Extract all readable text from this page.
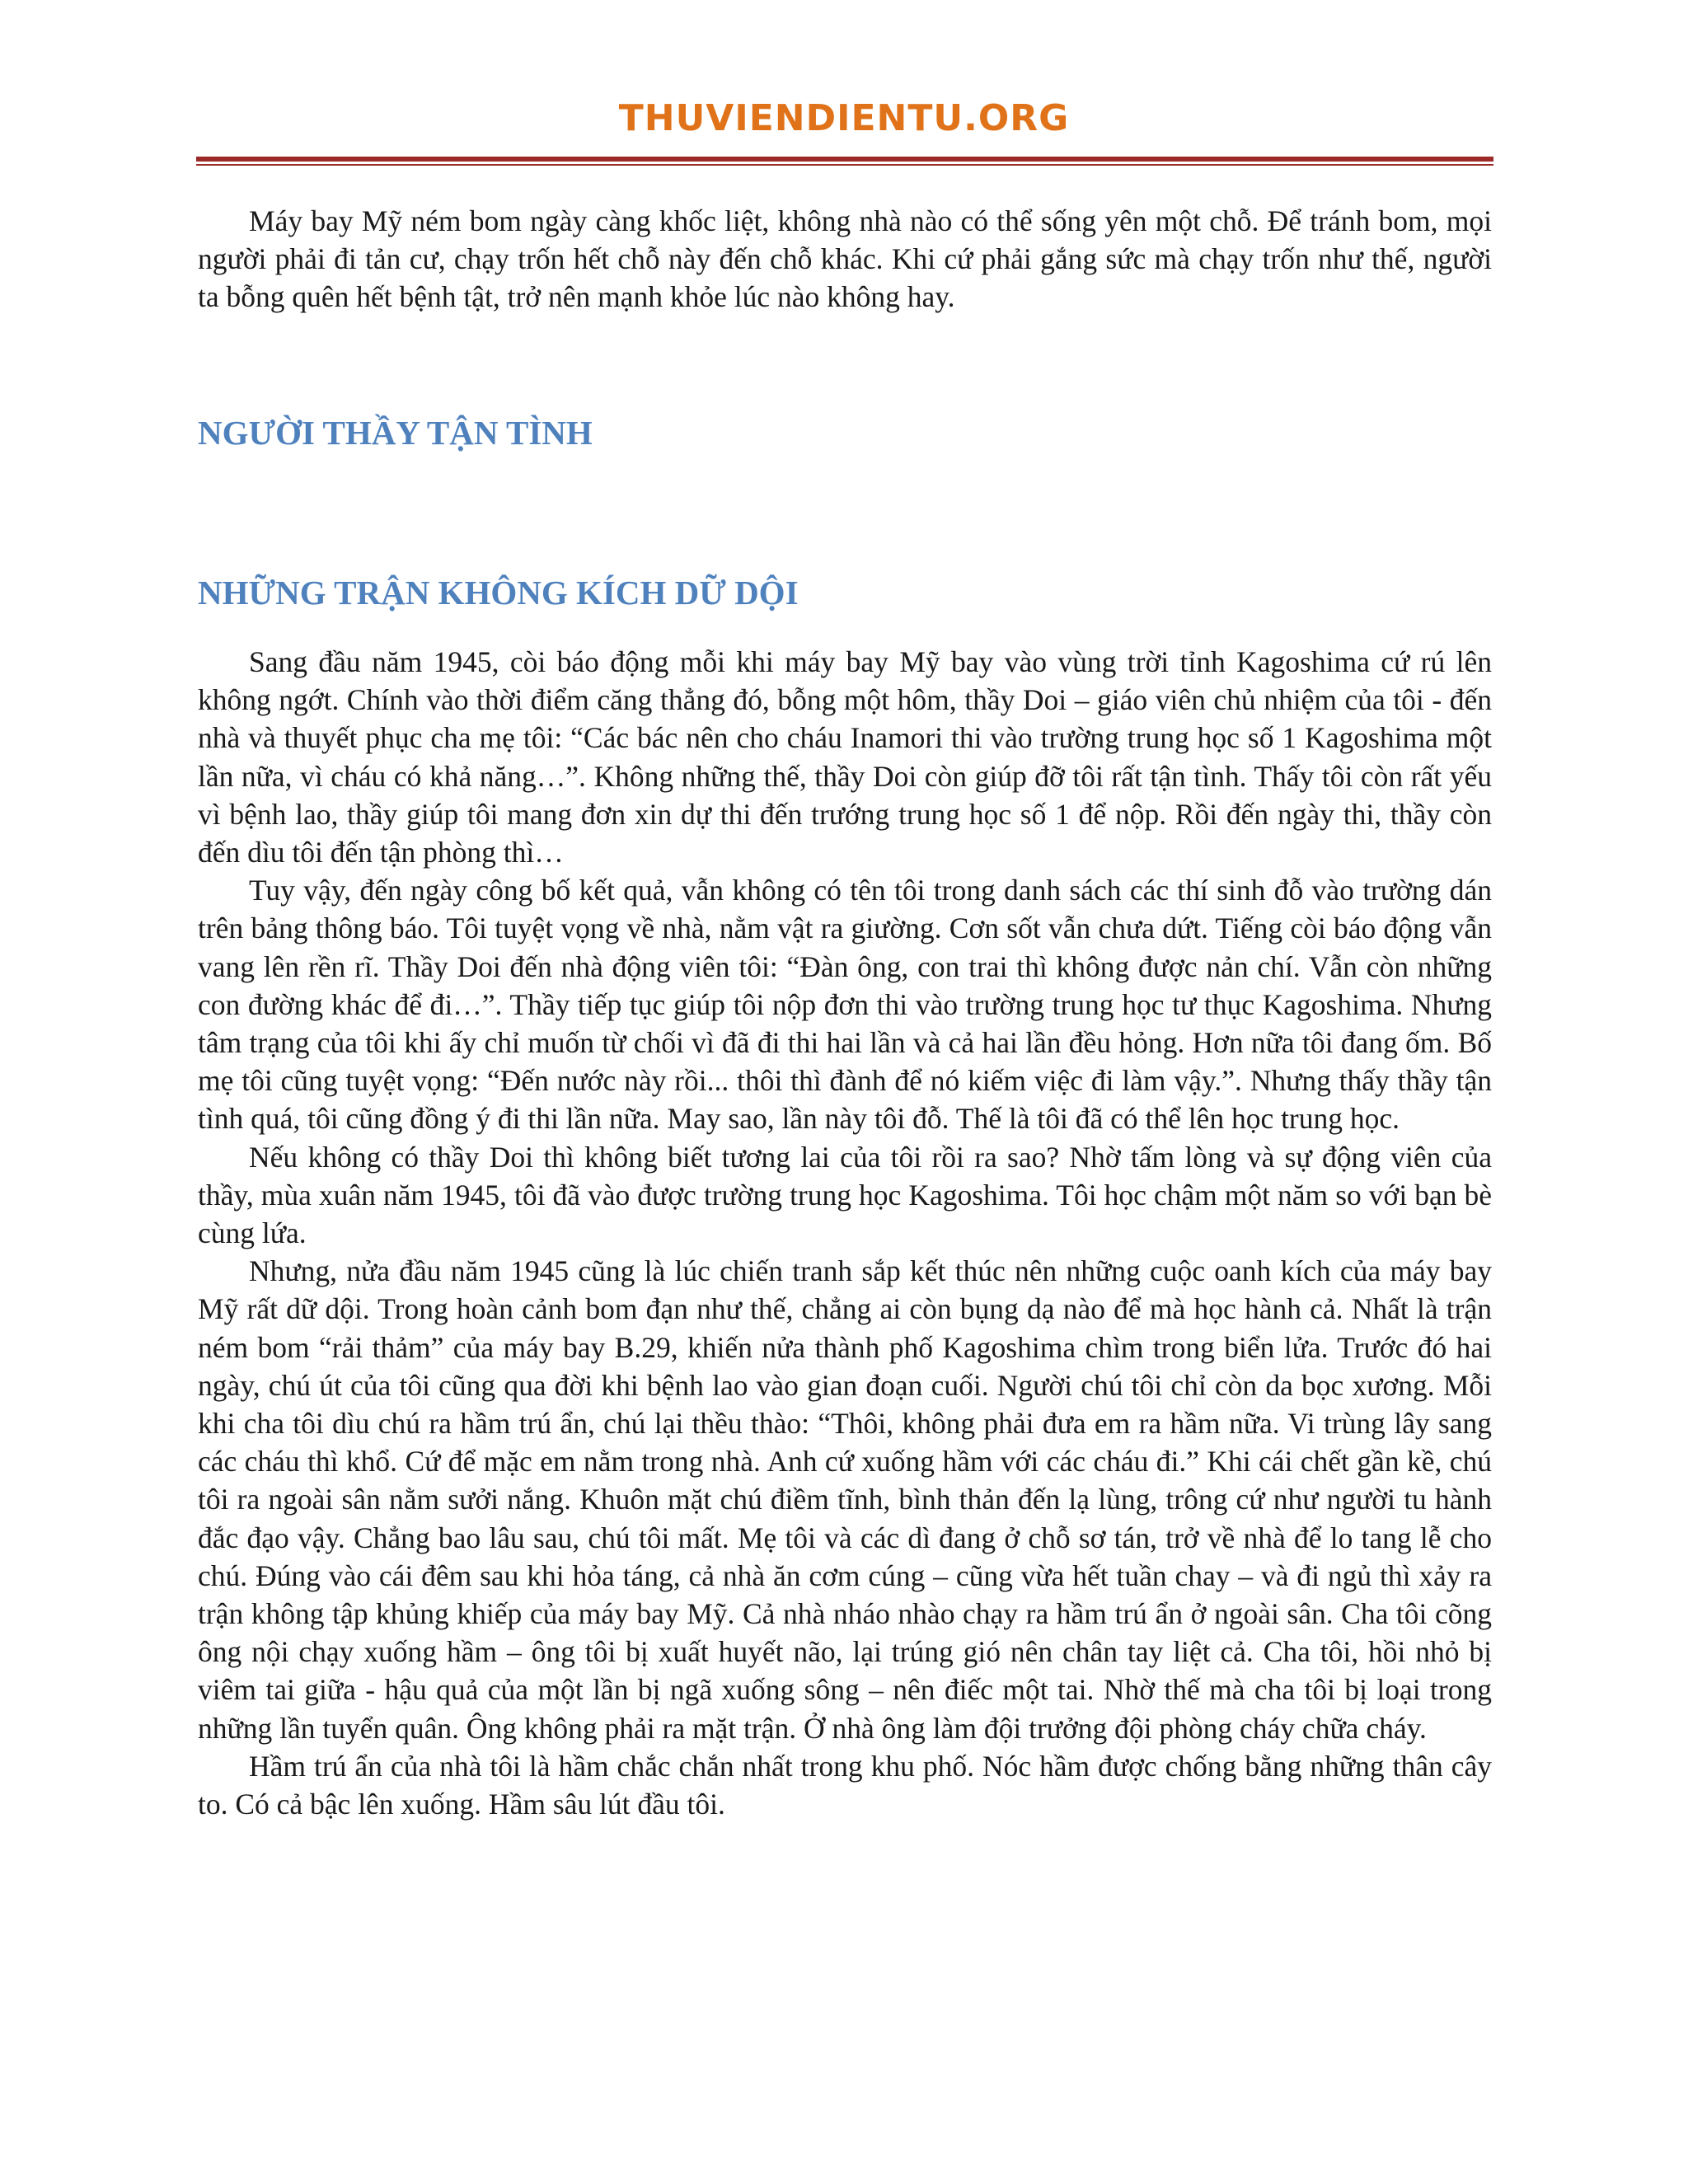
THUVIENDIENTU.ORG

Máy bay Mỹ ném bom ngày càng khốc liệt, không nhà nào có thể sống yên một chỗ. Để tránh bom, mọi người phải đi tản cư, chạy trốn hết chỗ này đến chỗ khác. Khi cứ phải gắng sức mà chạy trốn như thế, người ta bỗng quên hết bệnh tật, trở nên mạnh khỏe lúc nào không hay.

NGƯỜI THẦY TẬN TÌNH
NHỮNG TRẬN KHÔNG KÍCH DỮ DỘI

Sang đầu năm 1945, còi báo động mỗi khi máy bay Mỹ bay vào vùng trời tỉnh Kagoshima cứ rú lên không ngớt. Chính vào thời điểm căng thẳng đó, bỗng một hôm, thầy Doi – giáo viên chủ nhiệm của tôi - đến nhà và thuyết phục cha mẹ tôi: “Các bác nên cho cháu Inamori thi vào trường trung học số 1 Kagoshima một lần nữa, vì cháu có khả năng…”. Không những thế, thầy Doi còn giúp đỡ tôi rất tận tình. Thấy tôi còn rất yếu vì bệnh lao, thầy giúp tôi mang đơn xin dự thi đến trướng trung học số 1 để nộp. Rồi đến ngày thi, thầy còn đến dìu tôi đến tận phòng thì…

Tuy vậy, đến ngày công bố kết quả, vẫn không có tên tôi trong danh sách các thí sinh đỗ vào trường dán trên bảng thông báo. Tôi tuyệt vọng về nhà, nằm vật ra giường. Cơn sốt vẫn chưa dứt. Tiếng còi báo động vẫn vang lên rền rĩ. Thầy Doi đến nhà động viên tôi: “Đàn ông, con trai thì không được nản chí. Vẫn còn những con đường khác để đi…”. Thầy tiếp tục giúp tôi nộp đơn thi vào trường trung học tư thục Kagoshima. Nhưng tâm trạng của tôi khi ấy chỉ muốn từ chối vì đã đi thi hai lần và cả hai lần đều hỏng. Hơn nữa tôi đang ốm. Bố mẹ tôi cũng tuyệt vọng: “Đến nước này rồi... thôi thì đành để nó kiếm việc đi làm vậy.”. Nhưng thấy thầy tận tình quá, tôi cũng đồng ý đi thi lần nữa. May sao, lần này tôi đỗ. Thế là tôi đã có thể lên học trung học.

Nếu không có thầy Doi thì không biết tương lai của tôi rồi ra sao? Nhờ tấm lòng và sự động viên của thầy, mùa xuân năm 1945, tôi đã vào được trường trung học Kagoshima. Tôi học chậm một năm so với bạn bè cùng lứa.

Nhưng, nửa đầu năm 1945 cũng là lúc chiến tranh sắp kết thúc nên những cuộc oanh kích của máy bay Mỹ rất dữ dội. Trong hoàn cảnh bom đạn như thế, chẳng ai còn bụng dạ nào để mà học hành cả. Nhất là trận ném bom “rải thảm” của máy bay B.29, khiến nửa thành phố Kagoshima chìm trong biển lửa. Trước đó hai ngày, chú út của tôi cũng qua đời khi bệnh lao vào gian đoạn cuối. Người chú tôi chỉ còn da bọc xương. Mỗi khi cha tôi dìu chú ra hầm trú ẩn, chú lại thều thào: “Thôi, không phải đưa em ra hầm nữa. Vi trùng lây sang các cháu thì khổ. Cứ để mặc em nằm trong nhà. Anh cứ xuống hầm với các cháu đi.” Khi cái chết gần kề, chú tôi ra ngoài sân nằm sưởi nắng. Khuôn mặt chú điềm tĩnh, bình thản đến lạ lùng, trông cứ như người tu hành đắc đạo vậy. Chẳng bao lâu sau, chú tôi mất. Mẹ tôi và các dì đang ở chỗ sơ tán, trở về nhà để lo tang lễ cho chú. Đúng vào cái đêm sau khi hỏa táng, cả nhà ăn cơm cúng – cũng vừa hết tuần chay – và đi ngủ thì xảy ra trận không tập khủng khiếp của máy bay Mỹ. Cả nhà nháo nhào chạy ra hầm trú ẩn ở ngoài sân. Cha tôi cõng ông nội chạy xuống hầm – ông tôi bị xuất huyết não, lại trúng gió nên chân tay liệt cả. Cha tôi, hồi nhỏ bị viêm tai giữa - hậu quả của một lần bị ngã xuống sông – nên điếc một tai. Nhờ thế mà cha tôi bị loại trong những lần tuyển quân. Ông không phải ra mặt trận. Ở nhà ông làm đội trưởng đội phòng cháy chữa cháy.

Hầm trú ẩn của nhà tôi là hầm chắc chắn nhất trong khu phố. Nóc hầm được chống bằng những thân cây to. Có cả bậc lên xuống. Hầm sâu lút đầu tôi.
